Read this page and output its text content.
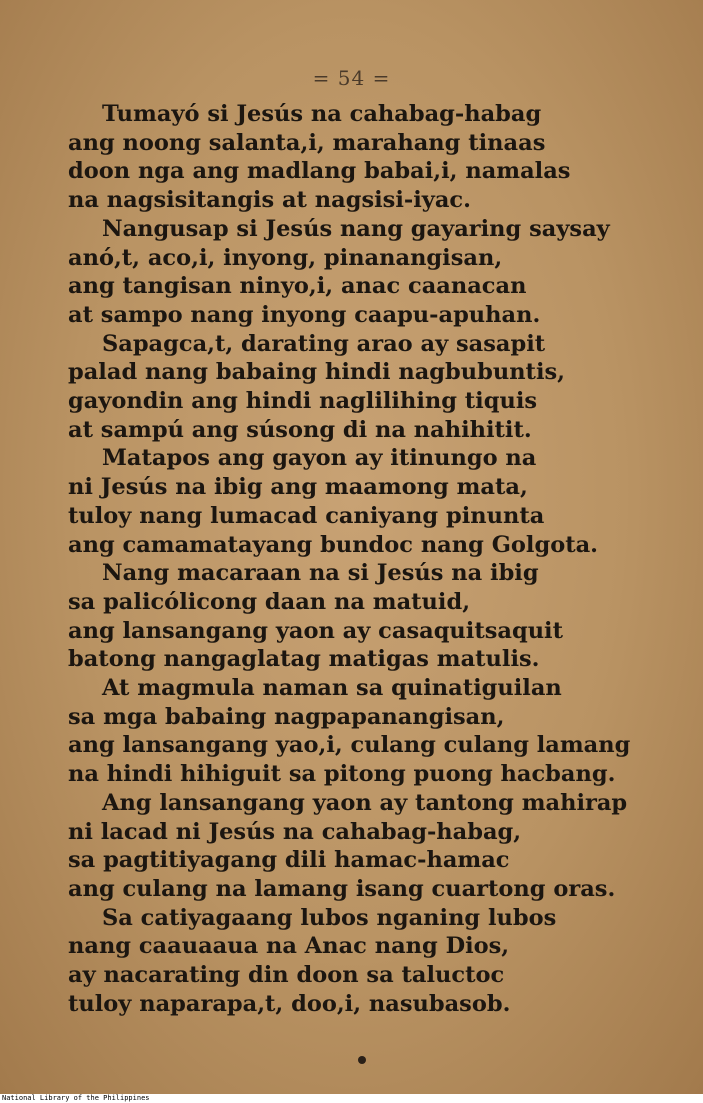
= 54 =
Tumayó si Jesús na cahabag-habag
ang noong salanta,i, marahang tinaas
doon nga ang madlang babai,i, namalas
na nagsisitangis at nagsisi-iyac.
Nangusap si Jesús nang gayaring saysay
anó,t, aco,i, inyong, pinanangisan,
ang tangisan ninyo,i, anac caanacan
at sampo nang inyong caapu-apuhan.
Sapagca,t, darating arao ay sasapit
palad nang babaing hindi nagbubuntis,
gayondin ang hindi naglilihing tiquis
at sampú ang súsong di na nahihitit.
Matapos ang gayon ay itinungo na
ni Jesús na ibig ang maamong mata,
tuloy nang lumacad caniyang pinunta
ang camamatayang bundoc nang Golgota.
Nang macaraan na si Jesús na ibig
sa palicólicong daan na matuid,
ang lansangang yaon ay casaquitsaquit
batong nangaglatag matigas matulis.
At magmula naman sa quinatiguilan
sa mga babaing nagpapanangisan,
ang lansangang yao,i, culang culang lamang
na hindi hihiguit sa pitong puong hacbang.
Ang lansangang yaon ay tantong mahirap
ni lacad ni Jesús na cahabag-habag,
sa pagtitiyagang dili hamac-hamac
ang culang na lamang isang cuartong oras.
Sa catiyagaang lubos nganing lubos
nang caauaaua na Anac nang Dios,
ay nacarating din doon sa taluctoc
tuloy naparapa,t, doo,i, nasubasob.
National Library of the Philippines
